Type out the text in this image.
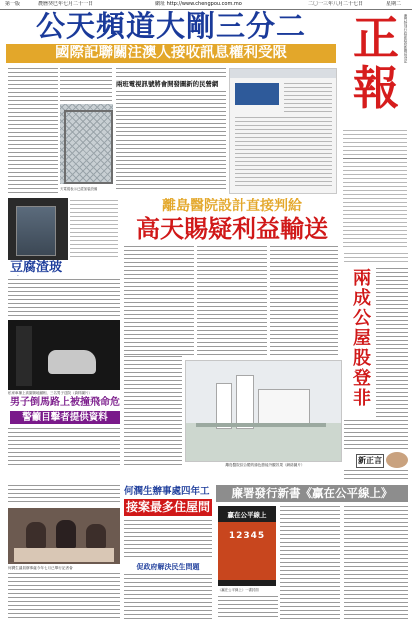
第一版	農曆癸巳年七月二十一日	網址 http://www.chengpou.com.mo	二〇一三年八月二十七日	星期二
公天頻道大剛三分二
國際記聯關注澳人接收訊息權利受限
天電視表示已經加裝設備
兩班電視訊號將會開發圖新的民營網
正
報
澳門特別行政區政府新聞局登記
豆腐渣玻
私家車撞上高園街地鐵相，三名男子送院（資料圖片）
男子倒馬路上被撞飛命危
警籲目擊者提供資料
離島醫院設計直接判給
高天賜疑利益輸送
離島醫院綜合體的綠色節能外觀效果（網絡圖片）
兩成公屋股登非
新正言
何潤生辦事處四年工
接案最多住屋問
何潤生議員辦事處今年七月已舉行記者會	促政府解決民生問題
廉署發行新書《贏在公平線上》
12345
贏在公平線上
《贏在公平線上》一書封面
